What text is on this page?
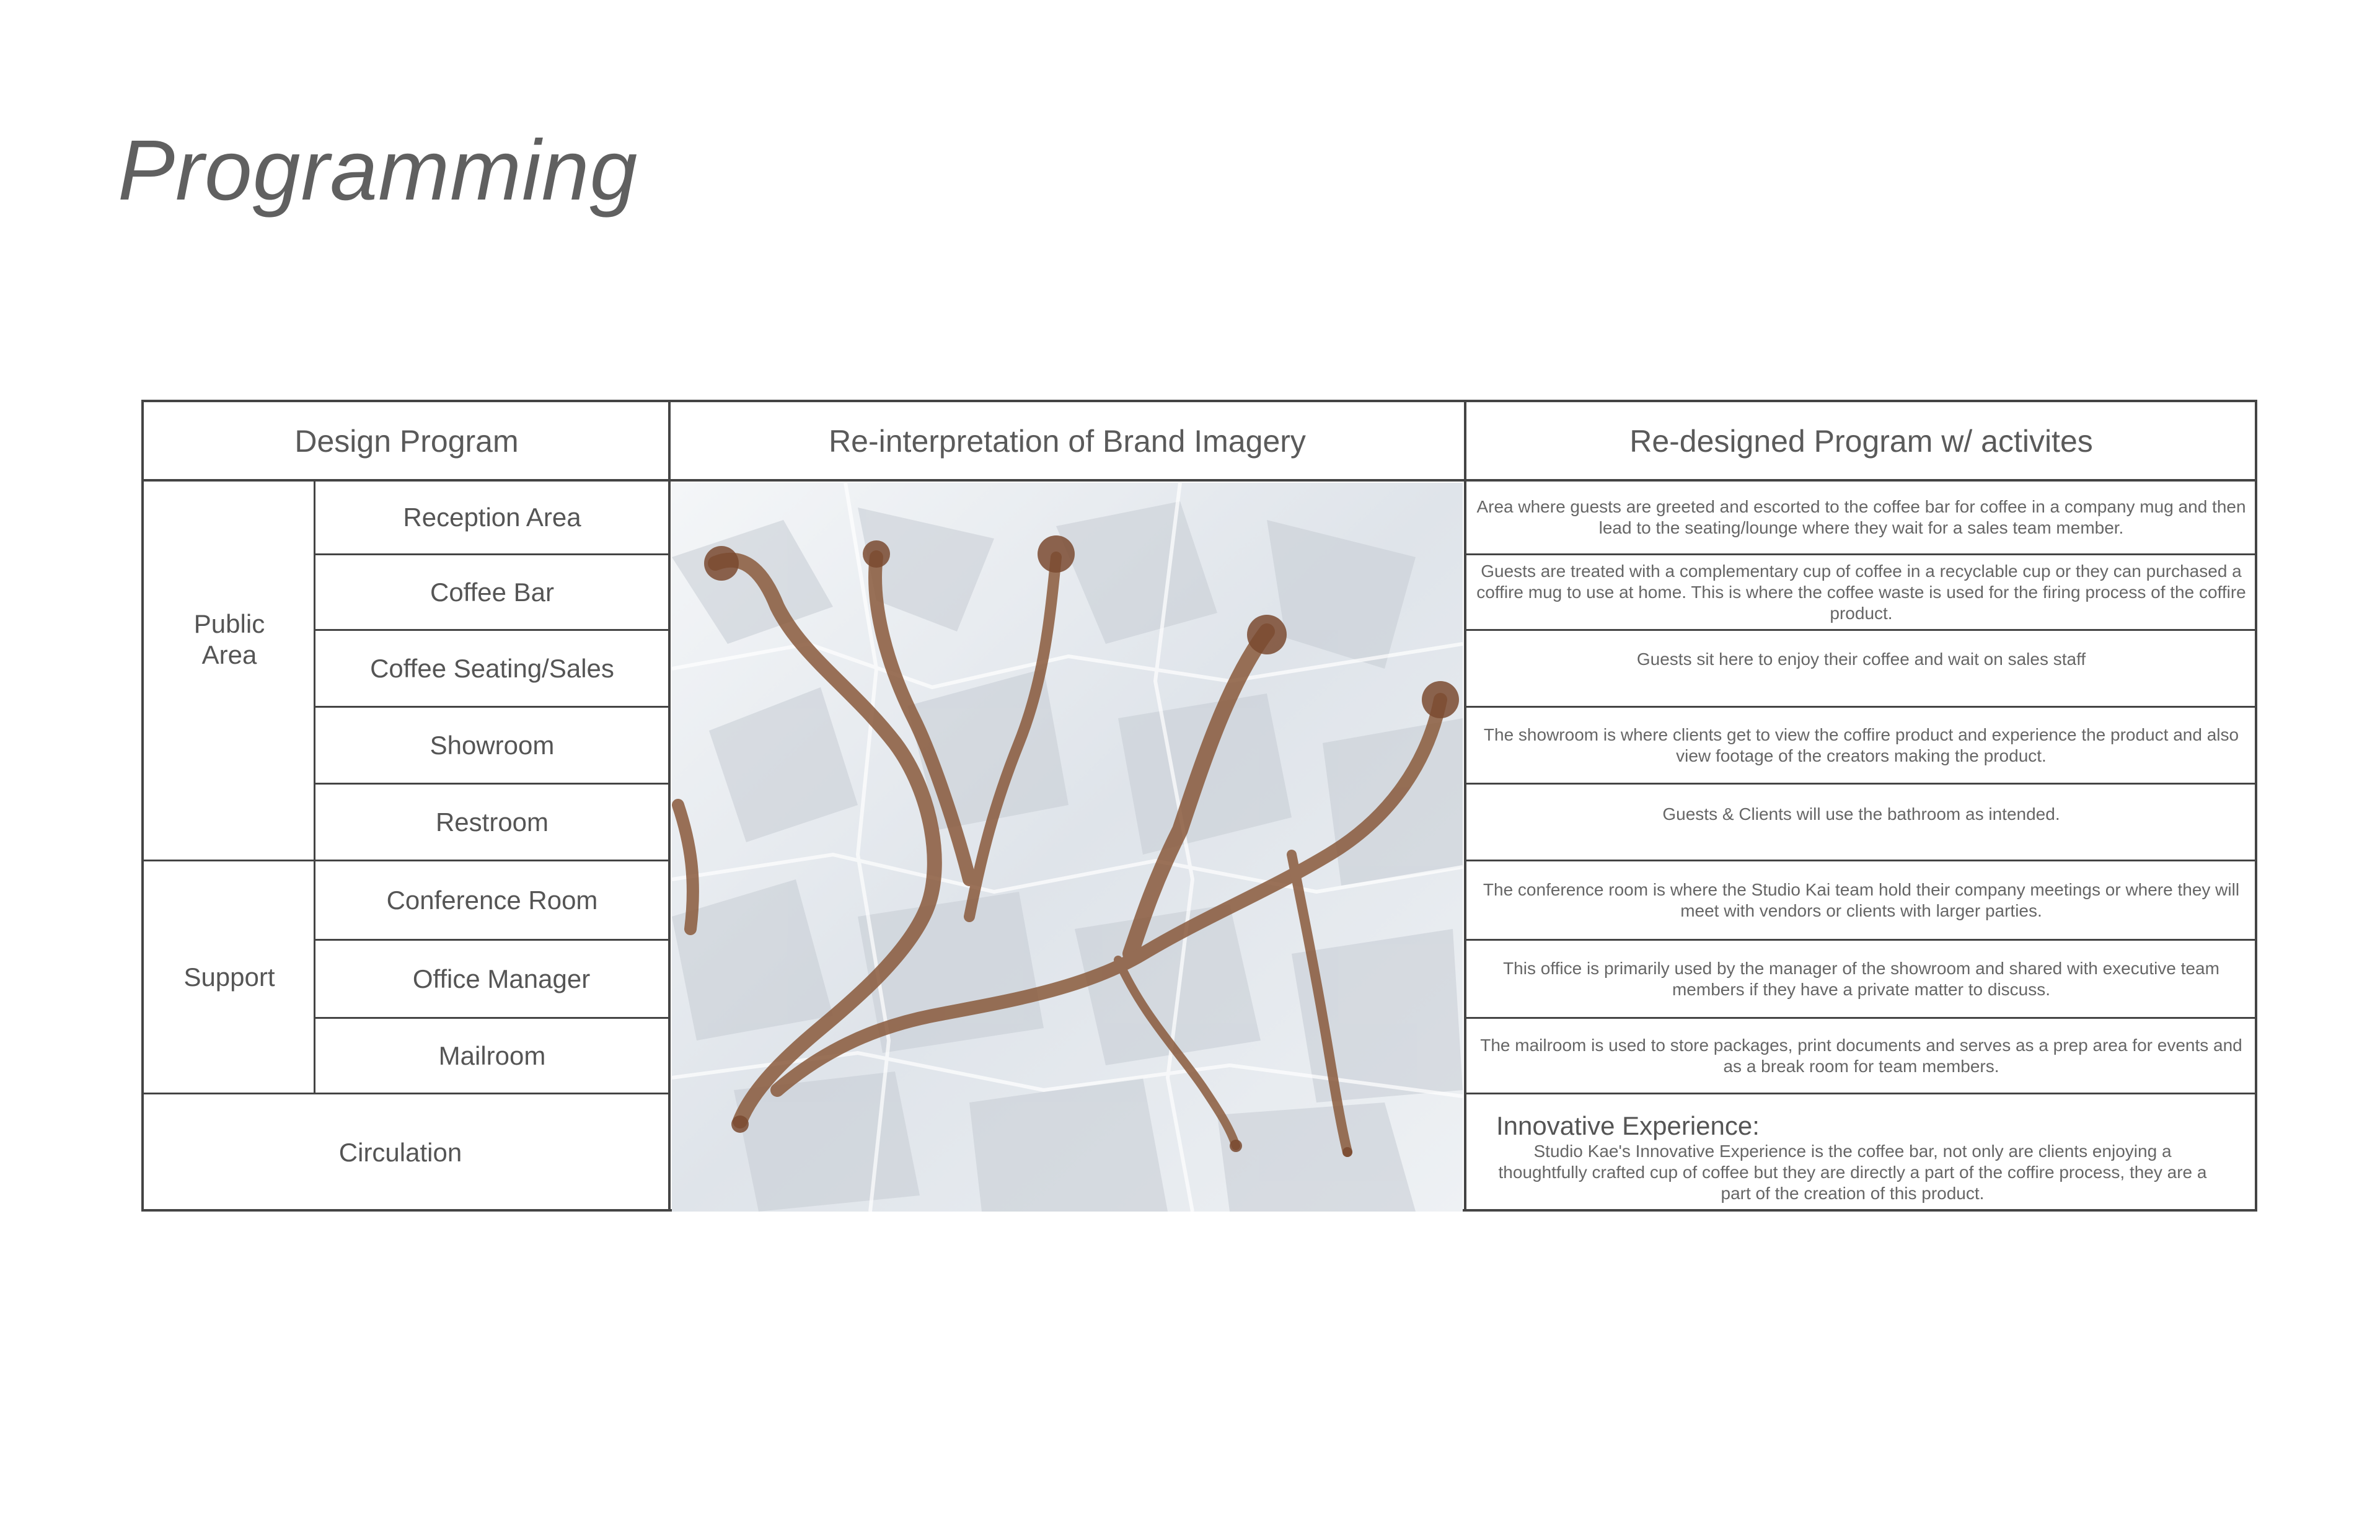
Programming
Design Program	Re-interpretation of Brand Imagery	Re-designed Program w/ activites
Public
Area
Support
Circulation
Reception Area
Coffee Bar
Coffee Seating/Sales
Showroom
Restroom
Conference Room
Office Manager
Mailroom
Area where guests are greeted and escorted to the coffee bar for coffee in a company mug and then lead to the seating/lounge where they wait for a sales team member.
Guests are treated with a complementary cup of coffee in a recyclable cup or they can purchased a coffire mug to use at home. This is where the coffee waste is used for the firing process of the coffire product.
Guests sit here to enjoy their coffee and wait on sales staff
The showroom is where clients get to view the coffire product and experience the product and also view footage of the creators making the product.
Guests & Clients will use the bathroom as intended.
The conference room is where the Studio Kai team hold their company meetings or where they will meet with vendors or clients with larger parties.
This office is primarily used by the manager of the showroom and shared with executive team members if they have a private matter to discuss.
The mailroom is used to store packages, print documents and serves as a prep area for events and as a break room for team members.
Innovative Experience:
Studio Kae's Innovative Experience is the coffee bar, not only are clients enjoying a thoughtfully crafted cup of coffee but they are directly a part of the coffire process, they are a part of the creation of this product.
